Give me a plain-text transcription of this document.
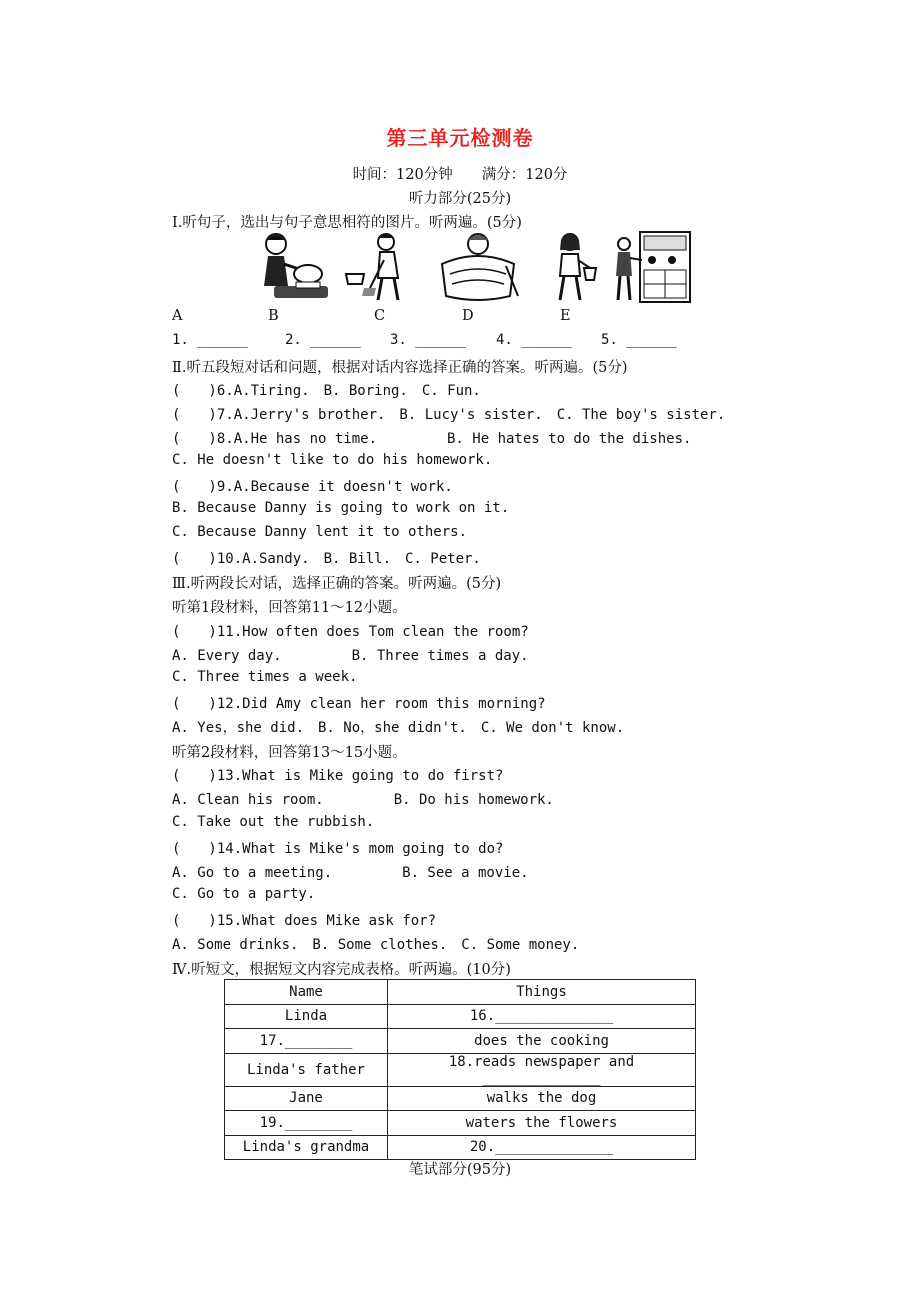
第三单元检测卷
时间：120分钟　　满分：120分
听力部分(25分)
Ⅰ.听句子，选出与句子意思相符的图片。听两遍。(5分)
A	B	C	D	E
1. ______	2. ______ 3. ______ 4. ______ 5. ______
Ⅱ.听五段短对话和问题，根据对话内容选择正确的答案。听两遍。(5分)
(　　)6.A.Tiring.　B. Boring.　C. Fun.
(　　)7.A.Jerry's brother.　B. Lucy's sister.　C. The boy's sister.
(　　)8.A.He has no time.　　　　　B. He hates to do the dishes.
C. He doesn't like to do his homework.
(　　)9.A.Because it doesn't work.
B. Because Danny is going to work on it.
C. Because Danny lent it to others.
(　　)10.A.Sandy.　B. Bill.　C. Peter.
Ⅲ.听两段长对话，选择正确的答案。听两遍。(5分)
听第1段材料，回答第11～12小题。
(　　)11.How often does Tom clean the room?
A. Every day.　　　　　B. Three times a day.
C. Three times a week.
(　　)12.Did Amy clean her room this morning?
A. Yes，she did.　B. No，she didn't.　C. We don't know.
听第2段材料，回答第13～15小题。
(　　)13.What is Mike going to do first?
A. Clean his room.　　　　　B. Do his homework.
C. Take out the rubbish.
(　　)14.What is Mike's mom going to do?
A. Go to a meeting.　　　　　B. See a movie.
C. Go to a party.
(　　)15.What does Mike ask for?
A. Some drinks.　B. Some clothes.　C. Some money.
Ⅳ.听短文，根据短文内容完成表格。听两遍。(10分)
Name	Things
Linda	16.______________
17.________	does the cooking
Linda's father	18.reads newspaper and ______________
Jane	walks the dog
19.________	waters the flowers
Linda's grandma	20.______________
笔试部分(95分)
